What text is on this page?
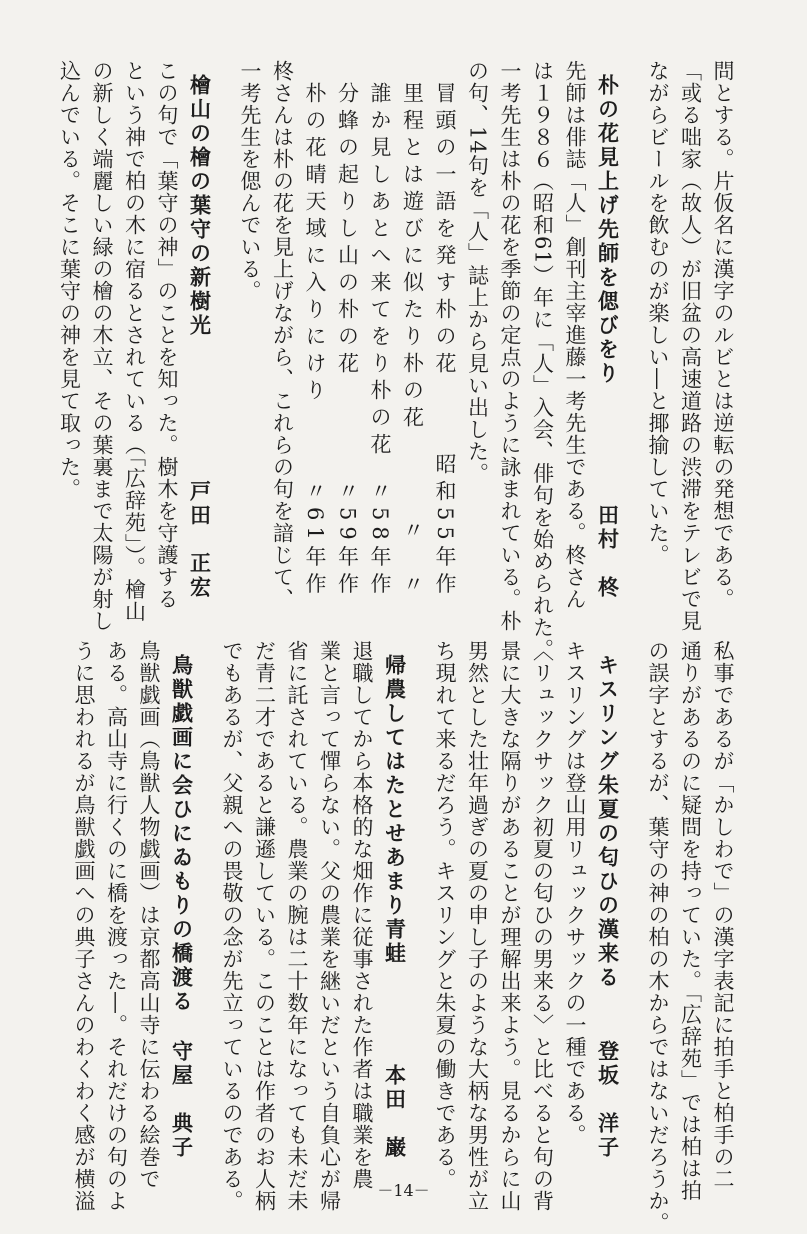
問とする。片仮名に漢字のルビとは逆転の発想である。
「或る咄家（故人）が旧盆の高速道路の渋滞をテレビで見
ながらビールを飲むのが楽しい―と揶揄していた。
朴の花見上げ先師を偲びをり
田村　柊
先師は俳誌「人」創刊主宰進藤一考先生である。柊さん
は１９８６（昭和61）年に「人」入会、俳句を始められた。
一考先生は朴の花を季節の定点のように詠まれている。朴
の句、14句を「人」誌上から見い出した。
冒頭の一語を発す朴の花
昭和55年作
里程とは遊びに似たり朴の花
〃　〃
誰か見しあとへ来てをり朴の花
〃58年作
分蜂の起りし山の朴の花
〃59年作
朴の花晴天域に入りにけり
〃61年作
柊さんは朴の花を見上げながら、これらの句を諳じて、
一考先生を偲んでいる。
檜山の檜の葉守の新樹光
戸田　正宏
この句で「葉守の神」のことを知った。樹木を守護する
という神で柏の木に宿るとされている（「広辞苑」）。檜山
の新しく端麗しい緑の檜の木立、その葉裏まで太陽が射し
込んでいる。そこに葉守の神を見て取った。
私事であるが「かしわで」の漢字表記に拍手と柏手の二
通りがあるのに疑問を持っていた。「広辞苑」では柏は拍
の誤字とするが、葉守の神の柏の木からではないだろうか。
キスリング朱夏の匂ひの漢来る
登坂　洋子
キスリングは登山用リュックサックの一種である。
〈リュックサック初夏の匂ひの男来る〉と比べると句の背
景に大きな隔りがあることが理解出来よう。見るからに山
男然とした壮年過ぎの夏の申し子のような大柄な男性が立
ち現れて来るだろう。キスリングと朱夏の働きである。
帰農してはたとせあまり青蛙
本田　巌
退職してから本格的な畑作に従事された作者は職業を農
業と言って憚らない。父の農業を継いだという自負心が帰
省に託されている。農業の腕は二十数年になっても未だ未
だ青二才であると謙遜している。このことは作者のお人柄
でもあるが、父親への畏敬の念が先立っているのである。
鳥獣戯画に会ひにゐもりの橋渡る
守屋　典子
鳥獣戯画（鳥獣人物戯画）は京都高山寺に伝わる絵巻で
ある。高山寺に行くのに橋を渡った―。それだけの句のよ
うに思われるが鳥獣戯画への典子さんのわくわく感が横溢	－14－
